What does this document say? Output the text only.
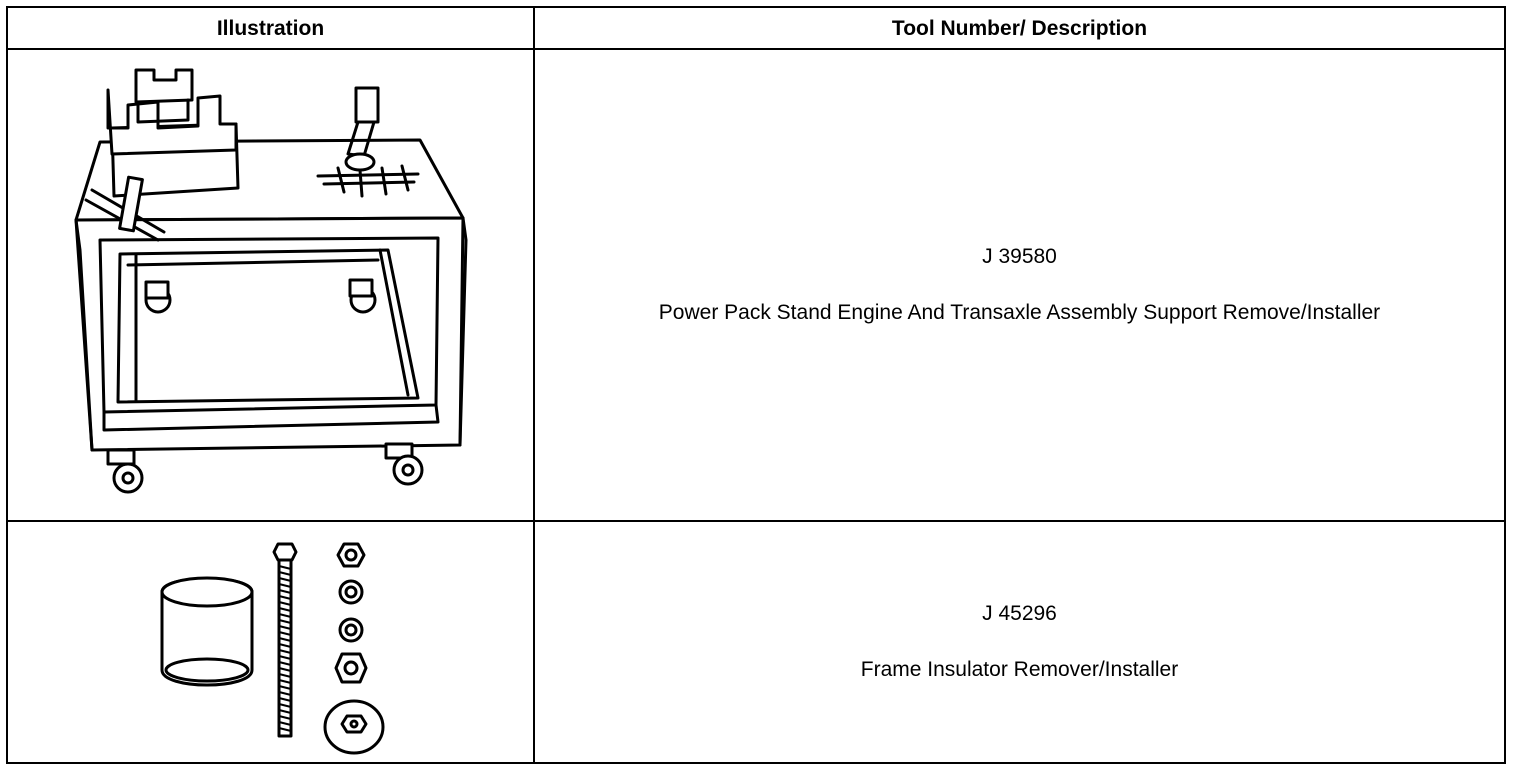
Illustration	Tool Number/ Description
J 39580
Power Pack Stand Engine And Transaxle Assembly Support Remove/Installer
J 45296
Frame Insulator Remover/Installer
